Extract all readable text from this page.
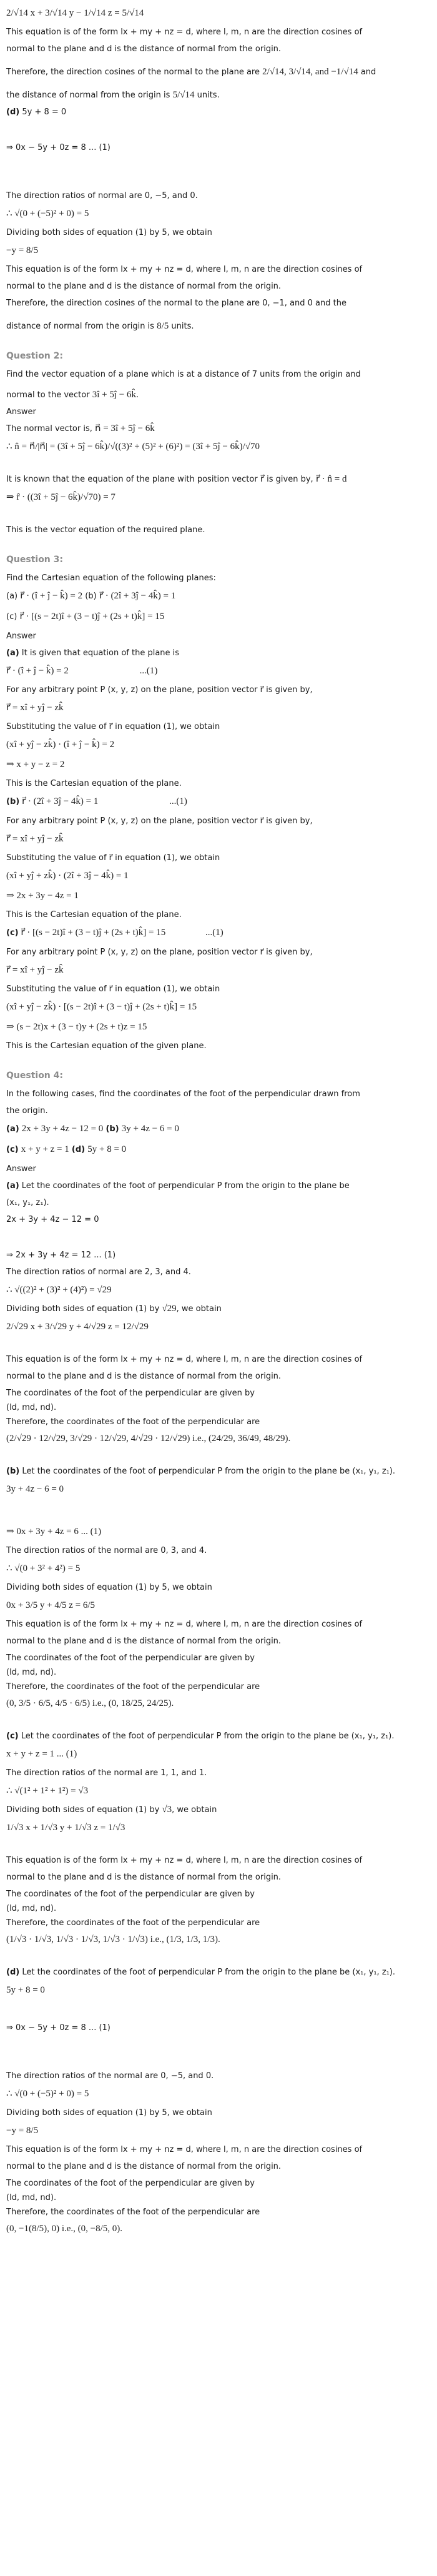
2/√14 x + 3/√14 y − 1/√14 z = 5/√14
This equation is of the form lx + my + nz = d, where l, m, n are the direction cosines of
normal to the plane and d is the distance of normal from the origin.
Therefore, the direction cosines of the normal to the plane are 2/√14, 3/√14, and −1/√14 and
the distance of normal from the origin is 5/√14 units.
(d) 5y + 8 = 0
⇒ 0x − 5y + 0z = 8 ... (1)
The direction ratios of normal are 0, −5, and 0.
∴ √(0 + (−5)² + 0) = 5
Dividing both sides of equation (1) by 5, we obtain
−y = 8/5
This equation is of the form lx + my + nz = d, where l, m, n are the direction cosines of
normal to the plane and d is the distance of normal from the origin.
Therefore, the direction cosines of the normal to the plane are 0, −1, and 0 and the
distance of normal from the origin is 8/5 units.
Question 2:
Find the vector equation of a plane which is at a distance of 7 units from the origin and
normal to the vector 3î + 5ĵ − 6k̂.
Answer
The normal vector is, n⃗ = 3î + 5ĵ − 6k̂
∴ n̂ = n⃗/|n⃗| = (3î + 5ĵ − 6k̂)/√((3)² + (5)² + (6)²) = (3î + 5ĵ − 6k̂)/√70
It is known that the equation of the plane with position vector r⃗ is given by, r⃗ · n̂ = d
⇒ r̂ · ((3î + 5ĵ − 6k̂)/√70) = 7
This is the vector equation of the required plane.
Question 3:
Find the Cartesian equation of the following planes:
(a) r⃗ · (î + ĵ − k̂) = 2 (b) r⃗ · (2î + 3ĵ − 4k̂) = 1
(c) r⃗ · [(s − 2t)î + (3 − t)ĵ + (2s + t)k̂] = 15
Answer
(a) It is given that equation of the plane is
r⃗ · (î + ĵ − k̂) = 2	...(1)
For any arbitrary point P (x, y, z) on the plane, position vector r⃗ is given by,
r⃗ = xî + yĵ − zk̂
Substituting the value of r⃗ in equation (1), we obtain
(xî + yĵ − zk̂) · (î + ĵ − k̂) = 2
⇒ x + y − z = 2
This is the Cartesian equation of the plane.
(b) r⃗ · (2î + 3ĵ − 4k̂) = 1	...(1)
For any arbitrary point P (x, y, z) on the plane, position vector r⃗ is given by,
r⃗ = xî + yĵ − zk̂
Substituting the value of r⃗ in equation (1), we obtain
(xî + yĵ + zk̂) · (2î + 3ĵ − 4k̂) = 1
⇒ 2x + 3y − 4z = 1
This is the Cartesian equation of the plane.
(c) r⃗ · [(s − 2t)î + (3 − t)ĵ + (2s + t)k̂] = 15	...(1)
For any arbitrary point P (x, y, z) on the plane, position vector r⃗ is given by,
r⃗ = xî + yĵ − zk̂
Substituting the value of r⃗ in equation (1), we obtain
(xî + yĵ − zk̂) · [(s − 2t)î + (3 − t)ĵ + (2s + t)k̂] = 15
⇒ (s − 2t)x + (3 − t)y + (2s + t)z = 15
This is the Cartesian equation of the given plane.
Question 4:
In the following cases, find the coordinates of the foot of the perpendicular drawn from
the origin.
(a) 2x + 3y + 4z − 12 = 0 (b) 3y + 4z − 6 = 0
(c) x + y + z = 1 (d) 5y + 8 = 0
Answer
(a) Let the coordinates of the foot of perpendicular P from the origin to the plane be
(x₁, y₁, z₁).
2x + 3y + 4z − 12 = 0
⇒ 2x + 3y + 4z = 12 ... (1)
The direction ratios of normal are 2, 3, and 4.
∴ √((2)² + (3)² + (4)²) = √29
Dividing both sides of equation (1) by √29, we obtain
2/√29 x + 3/√29 y + 4/√29 z = 12/√29
This equation is of the form lx + my + nz = d, where l, m, n are the direction cosines of
normal to the plane and d is the distance of normal from the origin.
The coordinates of the foot of the perpendicular are given by
(ld, md, nd).
Therefore, the coordinates of the foot of the perpendicular are
(2/√29 · 12/√29, 3/√29 · 12/√29, 4/√29 · 12/√29) i.e., (24/29, 36/49, 48/29).
(b) Let the coordinates of the foot of perpendicular P from the origin to the plane be (x₁, y₁, z₁).
3y + 4z − 6 = 0
⇒ 0x + 3y + 4z = 6 ... (1)
The direction ratios of the normal are 0, 3, and 4.
∴ √(0 + 3² + 4²) = 5
Dividing both sides of equation (1) by 5, we obtain
0x + 3/5 y + 4/5 z = 6/5
This equation is of the form lx + my + nz = d, where l, m, n are the direction cosines of
normal to the plane and d is the distance of normal from the origin.
The coordinates of the foot of the perpendicular are given by
(ld, md, nd).
Therefore, the coordinates of the foot of the perpendicular are
(0, 3/5 · 6/5, 4/5 · 6/5) i.e., (0, 18/25, 24/25).
(c) Let the coordinates of the foot of perpendicular P from the origin to the plane be (x₁, y₁, z₁).
x + y + z = 1 ... (1)
The direction ratios of the normal are 1, 1, and 1.
∴ √(1² + 1² + 1²) = √3
Dividing both sides of equation (1) by √3, we obtain
1/√3 x + 1/√3 y + 1/√3 z = 1/√3
This equation is of the form lx + my + nz = d, where l, m, n are the direction cosines of
normal to the plane and d is the distance of normal from the origin.
The coordinates of the foot of the perpendicular are given by
(ld, md, nd).
Therefore, the coordinates of the foot of the perpendicular are
(1/√3 · 1/√3, 1/√3 · 1/√3, 1/√3 · 1/√3) i.e., (1/3, 1/3, 1/3).
(d) Let the coordinates of the foot of perpendicular P from the origin to the plane be (x₁, y₁, z₁).
5y + 8 = 0
⇒ 0x − 5y + 0z = 8 ... (1)
The direction ratios of the normal are 0, −5, and 0.
∴ √(0 + (−5)² + 0) = 5
Dividing both sides of equation (1) by 5, we obtain
−y = 8/5
This equation is of the form lx + my + nz = d, where l, m, n are the direction cosines of
normal to the plane and d is the distance of normal from the origin.
The coordinates of the foot of the perpendicular are given by
(ld, md, nd).
Therefore, the coordinates of the foot of the perpendicular are
(0, −1(8/5), 0) i.e., (0, −8/5, 0).
